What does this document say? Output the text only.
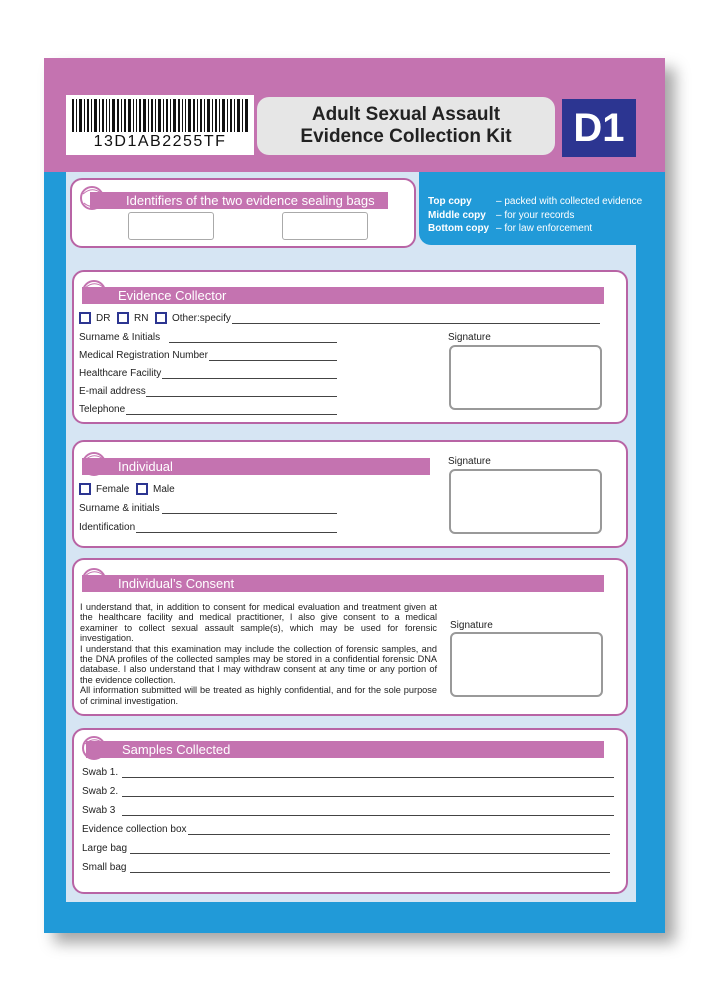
13D1AB2255TF
Adult Sexual Assault
Evidence Collection Kit	D1
Top copy	– packed with collected evidence
Middle copy	– for your records
Bottom copy – for law enforcement
Identifiers of the two evidence sealing bags
Evidence Collector
DR RN Other:specify
Surname & Initials
Medical Registration Number
Healthcare Facility
E-mail address
Telephone
Signature
Individual
Female Male
Surname & initials
Identification
Signature
Individual’s Consent

I understand that, in addition to consent for medical evaluation and treatment given at the healthcare facility and medical practitioner, I also give consent to a medical examiner to collect sexual assault sample(s), which may be used for forensic investigation.

I understand that this examination may include the collection of forensic samples, and the DNA profiles of the collected samples may be stored in a confidential forensic DNA database. I also understand that I may withdraw consent at any time or any portion of the evidence collection.

All information submitted will be treated as highly confidential, and for the sole purpose of criminal investigation.

Signature
Samples Collected
Swab 1.
Swab 2.
Swab 3
Evidence collection box
Large bag
Small bag
